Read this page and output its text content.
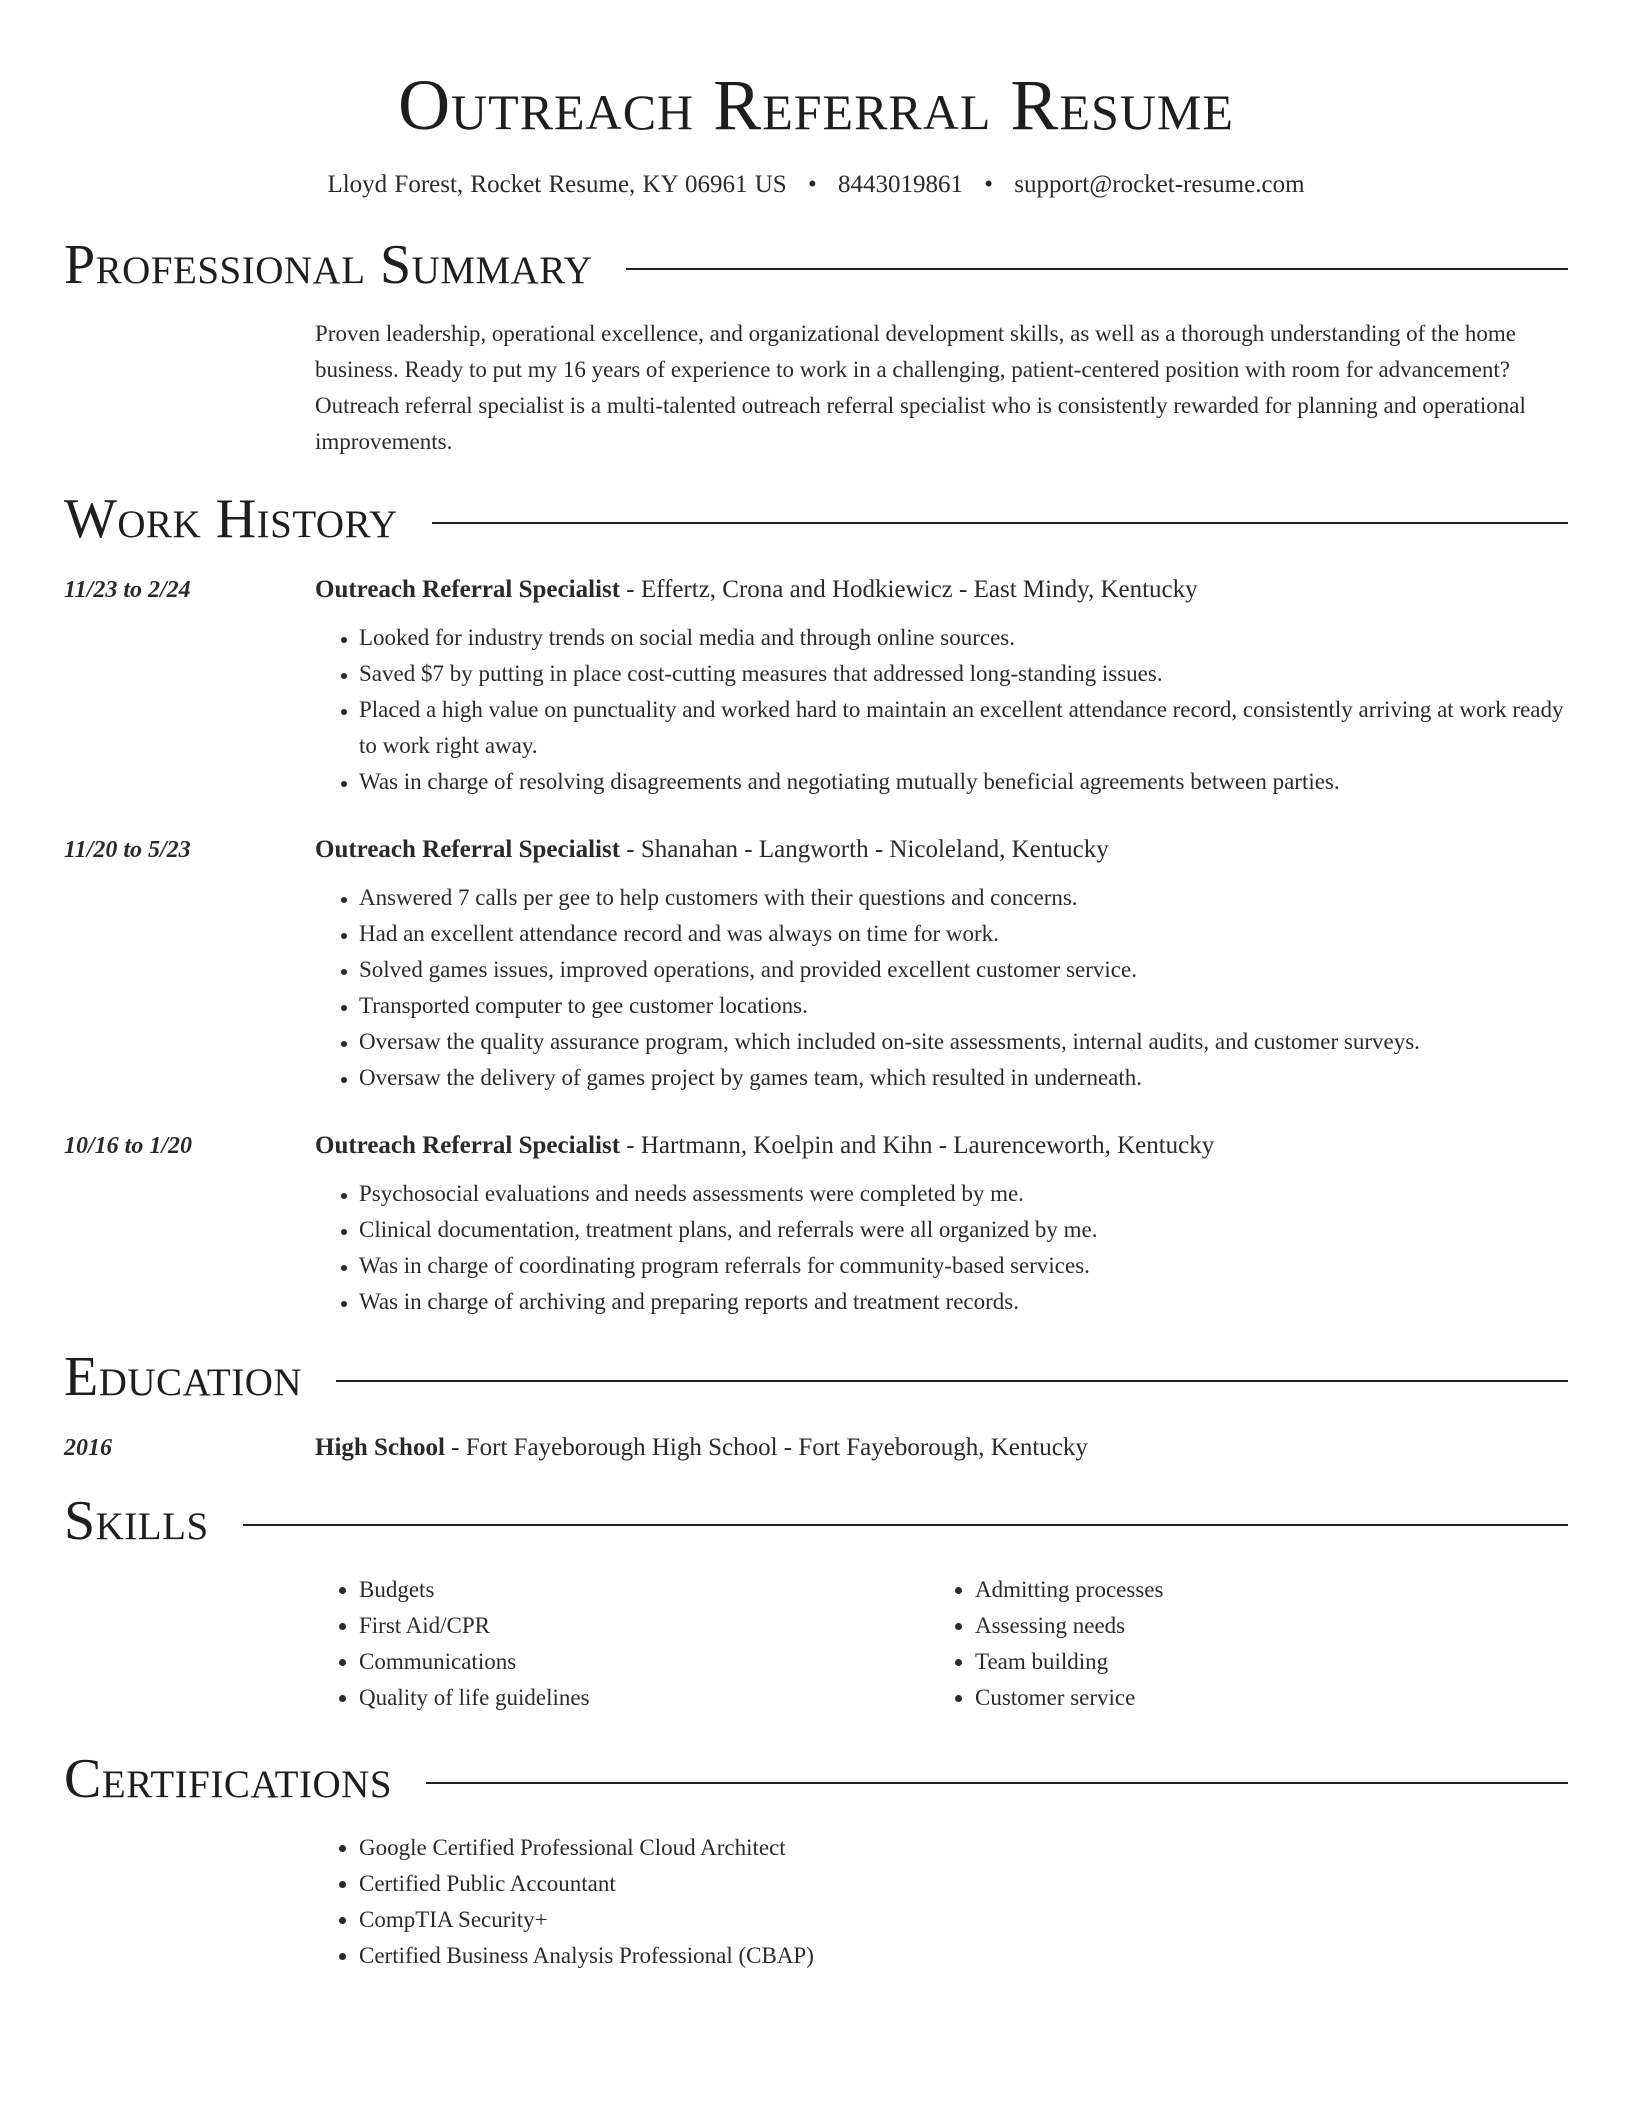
Outreach Referral Resume
Lloyd Forest, Rocket Resume, KY 06961 US • 8443019861 • support@rocket-resume.com
Professional Summary
Proven leadership, operational excellence, and organizational development skills, as well as a thorough understanding of the home business. Ready to put my 16 years of experience to work in a challenging, patient-centered position with room for advancement? Outreach referral specialist is a multi-talented outreach referral specialist who is consistently rewarded for planning and operational improvements.
Work History
11/23 to 2/24	Outreach Referral Specialist - Effertz, Crona and Hodkiewicz - East Mindy, Kentucky
• Looked for industry trends on social media and through online sources.
• Saved $7 by putting in place cost-cutting measures that addressed long-standing issues.
• Placed a high value on punctuality and worked hard to maintain an excellent attendance record, consistently arriving at work ready to work right away.
• Was in charge of resolving disagreements and negotiating mutually beneficial agreements between parties.
11/20 to 5/23	Outreach Referral Specialist - Shanahan - Langworth - Nicoleland, Kentucky
• Answered 7 calls per gee to help customers with their questions and concerns.
• Had an excellent attendance record and was always on time for work.
• Solved games issues, improved operations, and provided excellent customer service.
• Transported computer to gee customer locations.
• Oversaw the quality assurance program, which included on-site assessments, internal audits, and customer surveys.
• Oversaw the delivery of games project by games team, which resulted in underneath.
10/16 to 1/20	Outreach Referral Specialist - Hartmann, Koelpin and Kihn - Laurenceworth, Kentucky
• Psychosocial evaluations and needs assessments were completed by me.
• Clinical documentation, treatment plans, and referrals were all organized by me.
• Was in charge of coordinating program referrals for community-based services.
• Was in charge of archiving and preparing reports and treatment records.
Education
2016	High School - Fort Fayeborough High School - Fort Fayeborough, Kentucky
Skills
• Budgets
• First Aid/CPR
• Communications
• Quality of life guidelines
• Admitting processes
• Assessing needs
• Team building
• Customer service
Certifications
• Google Certified Professional Cloud Architect
• Certified Public Accountant
• CompTIA Security+
• Certified Business Analysis Professional (CBAP)
